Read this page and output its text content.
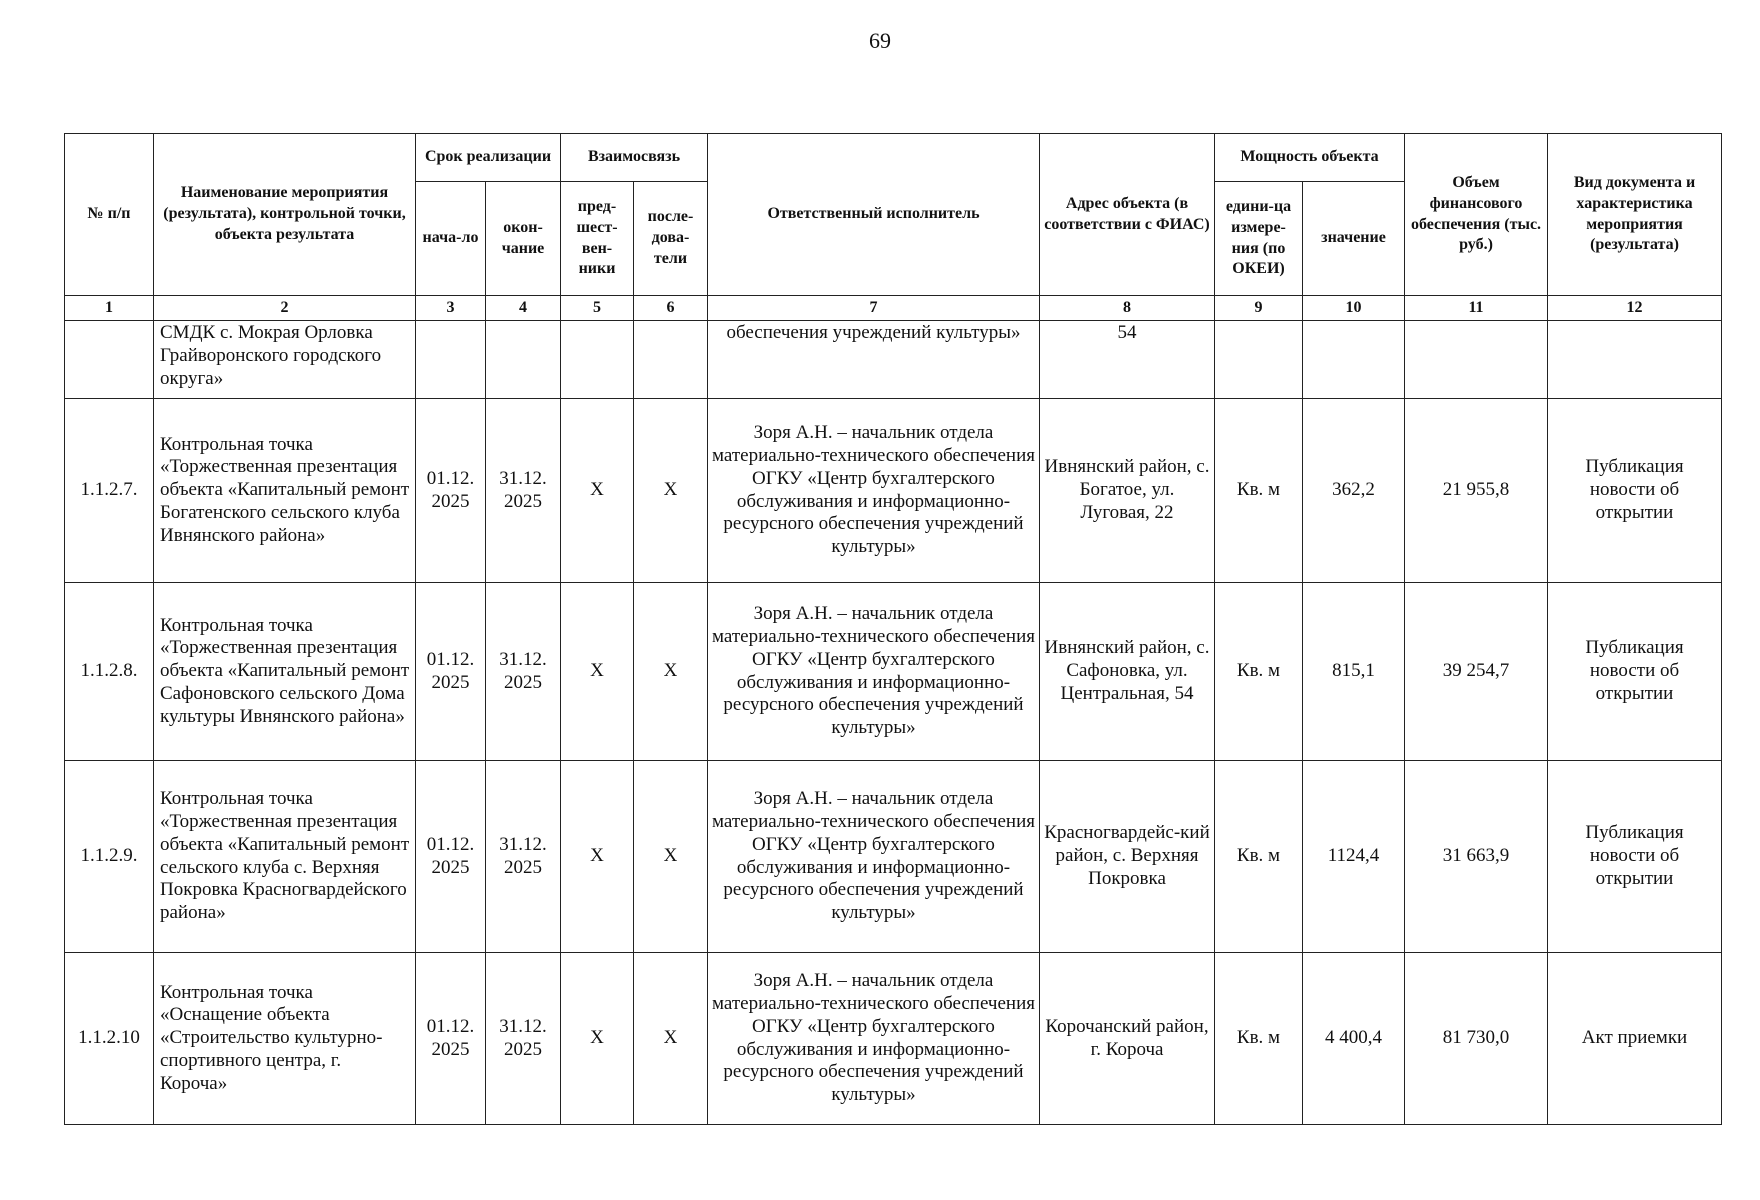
69
№ п/п	Наименование мероприятия (результата), контрольной точки, объекта результата	Срок реализации		Взаимосвязь		Ответственный исполнитель	Адрес объекта (в соответствии с ФИАС)	Мощность объекта		Объем финансового обеспечения (тыс. руб.)	Вид документа и характеристика мероприятия (результата)
		нача-ло	окон-чание	пред-шест-вен-ники	после-дова-тели			едини-ца измере-ния (по ОКЕИ)	значение		
1	2	3	4	5	6	7	8	9	10	11	12
	СМДК с. Мокрая Орловка Грайворонского городского округа»					обеспечения учреждений культуры»	54				
1.1.2.7.	Контрольная точка «Торжественная презентация объекта «Капитальный ремонт Богатенского сельского клуба Ивнянского района»	01.12. 2025	31.12. 2025	X	X	Зоря А.Н. – начальник отдела материально-технического обеспечения ОГКУ «Центр бухгалтерского обслуживания и информационно-ресурсного обеспечения учреждений культуры»	Ивнянский район, с. Богатое, ул. Луговая, 22	Кв. м	362,2	21 955,8	Публикация новости об открытии
1.1.2.8.	Контрольная точка «Торжественная презентация объекта «Капитальный ремонт Сафоновского сельского Дома культуры Ивнянского района»	01.12. 2025	31.12. 2025	X	X	Зоря А.Н. – начальник отдела материально-технического обеспечения ОГКУ «Центр бухгалтерского обслуживания и информационно-ресурсного обеспечения учреждений культуры»	Ивнянский район, с. Сафоновка, ул. Центральная, 54	Кв. м	815,1	39 254,7	Публикация новости об открытии
1.1.2.9.	Контрольная точка «Торжественная презентация объекта «Капитальный ремонт сельского клуба с. Верхняя Покровка Красногвардейского района»	01.12. 2025	31.12. 2025	X	X	Зоря А.Н. – начальник отдела материально-технического обеспечения ОГКУ «Центр бухгалтерского обслуживания и информационно-ресурсного обеспечения учреждений культуры»	Красногвардейс-кий район, с. Верхняя Покровка	Кв. м	1124,4	31 663,9	Публикация новости об открытии
1.1.2.10	Контрольная точка «Оснащение объекта «Строительство культурно-спортивного центра, г. Короча»	01.12. 2025	31.12. 2025	X	X	Зоря А.Н. – начальник отдела материально-технического обеспечения ОГКУ «Центр бухгалтерского обслуживания и информационно-ресурсного обеспечения учреждений культуры»	Корочанский район, г. Короча	Кв. м	4 400,4	81 730,0	Акт приемки
